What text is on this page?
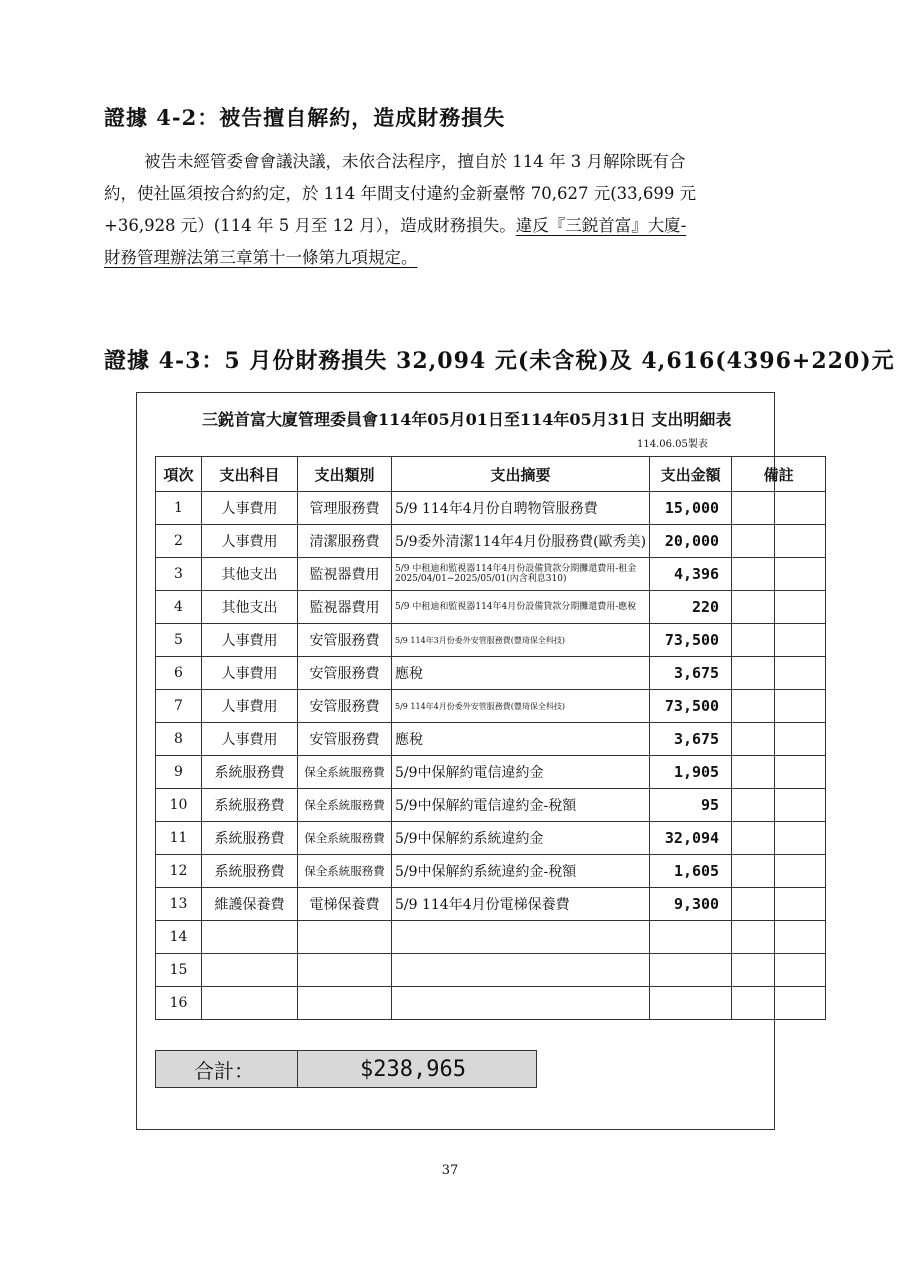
證據 4-2：被告擅自解約，造成財務損失
被告未經管委會會議決議，未依合法程序，擅自於 114 年 3 月解除既有合
約，使社區須按合約約定，於 114 年間支付違約金新臺幣 70,627 元(33,699 元
+36,928 元）(114 年 5 月至 12 月），造成財務損失。違反『三鋭首富』大廈-
財務管理辦法第三章第十一條第九項規定。
證據 4-3：5 月份財務損失 32,094 元(未含稅)及 4,616(4396+220)元
三鋭首富大廈管理委員會114年05月01日至114年05月31日 支出明細表
114.06.05製表
項次	支出科目	支出類別	支出摘要	支出金額	備註
1	人事費用	管理服務費	5/9 114年4月份自聘物管服務費	15,000	
2	人事費用	清潔服務費	5/9委外清潔114年4月份服務費(歐秀美)	20,000	
3	其他支出	監視器費用	5/9 中租迪和監視器114年4月份設備貸款分期攤還費用-租金2025/04/01~2025/05/01(內含利息310)	4,396	
4	其他支出	監視器費用	5/9 中租迪和監視器114年4月份設備貸款分期攤還費用-應稅	220	
5	人事費用	安管服務費	5/9 114年3月份委外安管服務費(豐琦保全科技)	73,500	
6	人事費用	安管服務費	應稅	3,675	
7	人事費用	安管服務費	5/9 114年4月份委外安管服務費(豐琦保全科技)	73,500	
8	人事費用	安管服務費	應稅	3,675	
9	系統服務費	保全系統服務費	5/9中保解約電信違約金	1,905	
10	系統服務費	保全系統服務費	5/9中保解約電信違約金-稅額	95	
11	系統服務費	保全系統服務費	5/9中保解約系統違約金	32,094	
12	系統服務費	保全系統服務費	5/9中保解約系統違約金-稅額	1,605	
13	維護保養費	電梯保養費	5/9 114年4月份電梯保養費	9,300	
14					
15					
16					
合計：	$238,965
37
